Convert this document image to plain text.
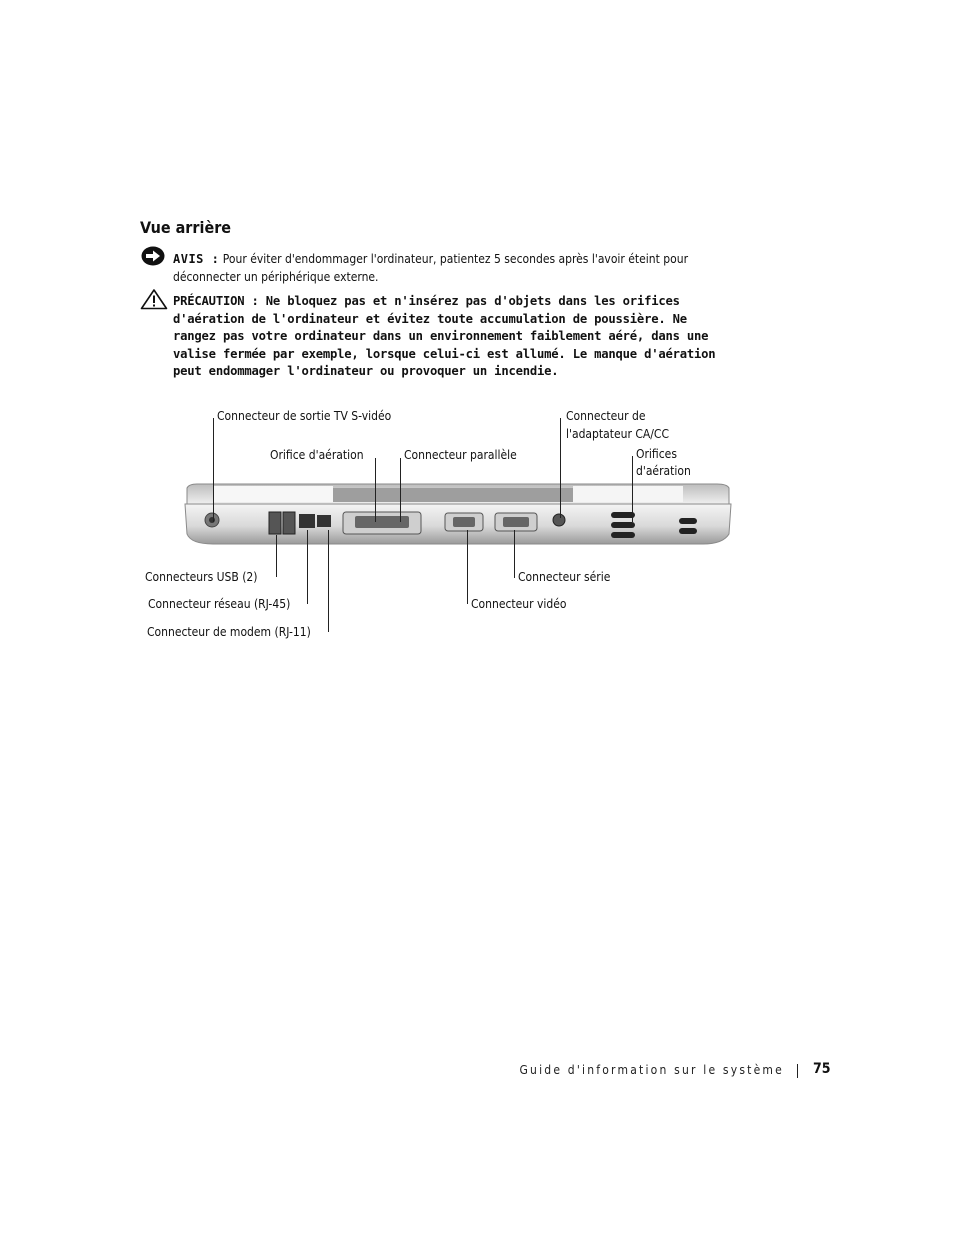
Vue arrière
AVIS : Pour éviter d'endommager l'ordinateur, patientez 5 secondes après l'avoir éteint pour déconnecter un périphérique externe.
PRÉCAUTION : Ne bloquez pas et n'insérez pas d'objets dans les orifices d'aération de l'ordinateur et évitez toute accumulation de poussière. Ne rangez pas votre ordinateur dans un environnement faiblement aéré, dans une valise fermée par exemple, lorsque celui-ci est allumé. Le manque d'aération peut endommager l'ordinateur ou provoquer un incendie.
Connecteur de sortie TV S-vidéo
Orifice d'aération	Connecteur parallèle
Connecteur de
l'adaptateur CA/CC
Orifices
d'aération
Connecteurs USB (2)
Connecteur réseau (RJ-45)
Connecteur de modem (RJ-11)
Connecteur série
Connecteur vidéo
Guide d'information sur le système 75
